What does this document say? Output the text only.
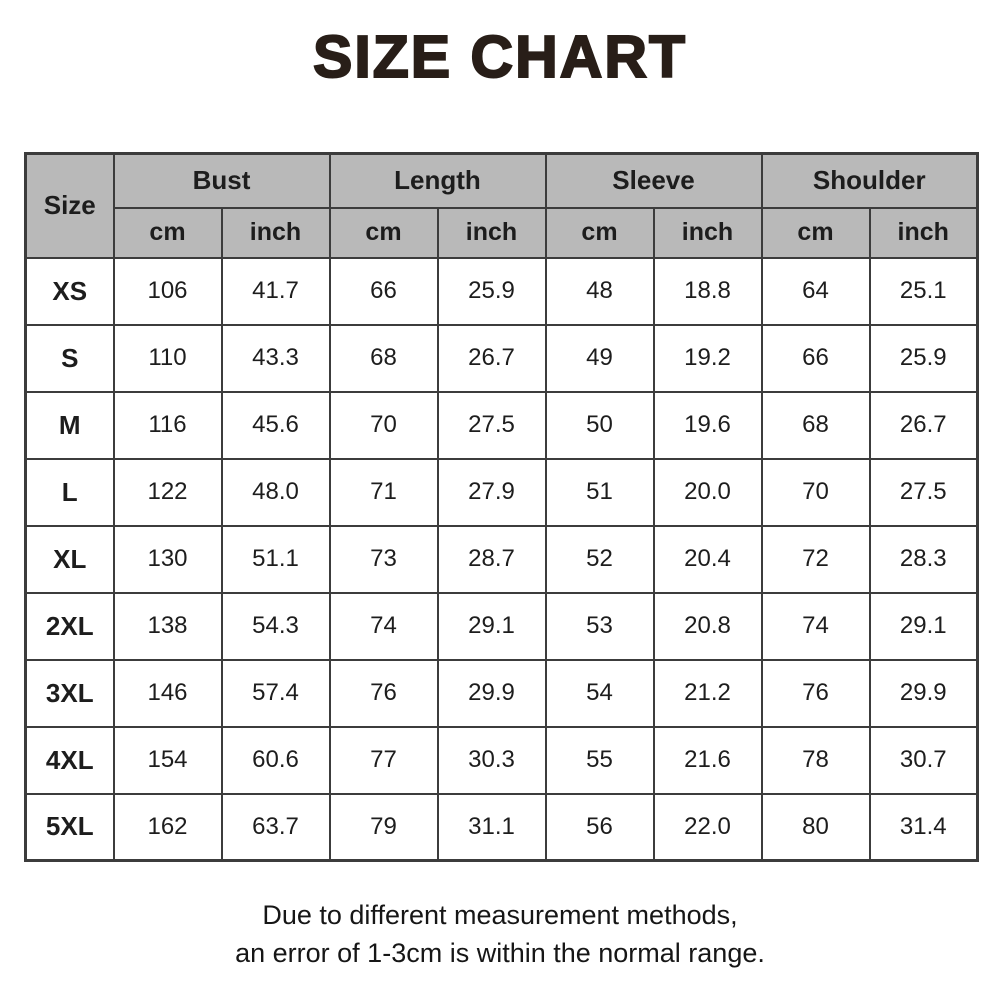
SIZE CHART
Size	Bust		Length		Sleeve		Shoulder	
	cm	inch	cm	inch	cm	inch	cm	inch
XS	106	41.7	66	25.9	48	18.8	64	25.1
S	110	43.3	68	26.7	49	19.2	66	25.9
M	116	45.6	70	27.5	50	19.6	68	26.7
L	122	48.0	71	27.9	51	20.0	70	27.5
XL	130	51.1	73	28.7	52	20.4	72	28.3
2XL	138	54.3	74	29.1	53	20.8	74	29.1
3XL	146	57.4	76	29.9	54	21.2	76	29.9
4XL	154	60.6	77	30.3	55	21.6	78	30.7
5XL	162	63.7	79	31.1	56	22.0	80	31.4
Due to different measurement methods,
an error of 1-3cm is within the normal range.
